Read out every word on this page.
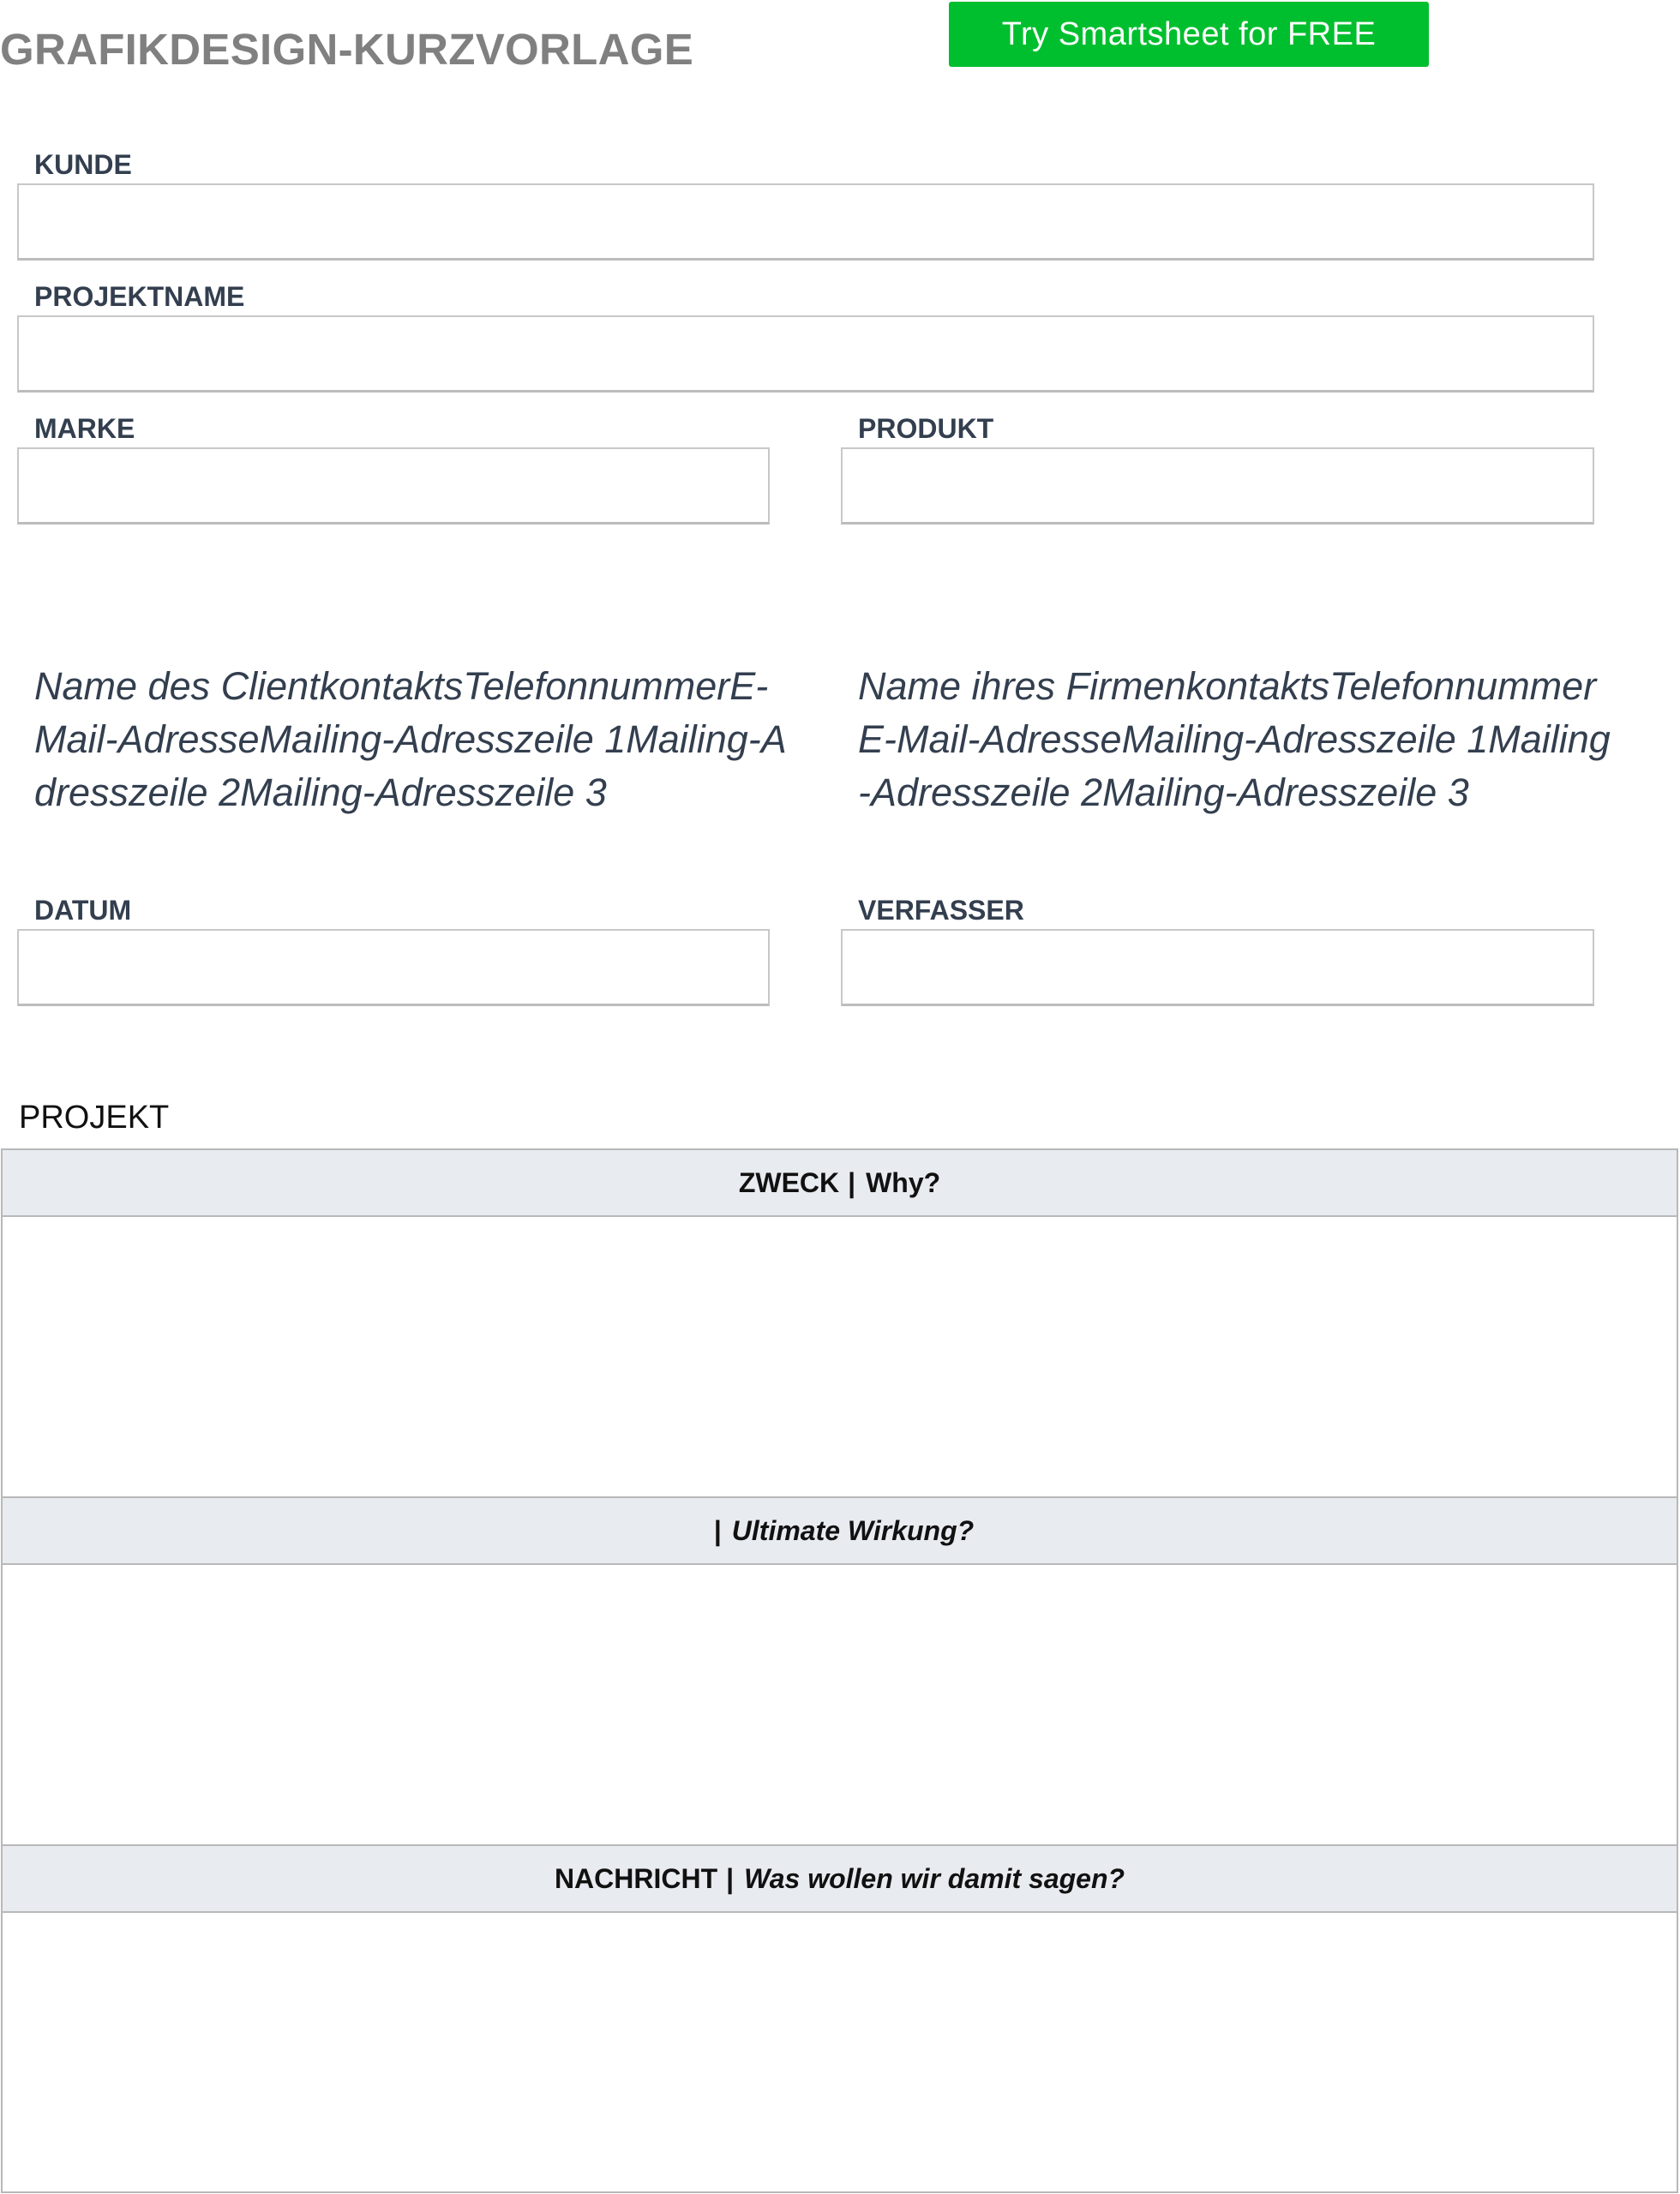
GRAFIKDESIGN-KURZVORLAGE	Try Smartsheet for FREE
KUNDE
PROJEKTNAME
MARKE	PRODUKT
Name des ClientkontaktsTelefonnummerE-Mail-AdresseMailing-Adresszeile 1Mailing-Adresszeile 2Mailing-Adresszeile 3
Name ihres FirmenkontaktsTelefonnummerE-Mail-AdresseMailing-Adresszeile 1Mailing-Adresszeile 2Mailing-Adresszeile 3
DATUM	VERFASSER
PROJEKT
ZWECK | Why?
| Ultimate Wirkung?
NACHRICHT | Was wollen wir damit sagen?
